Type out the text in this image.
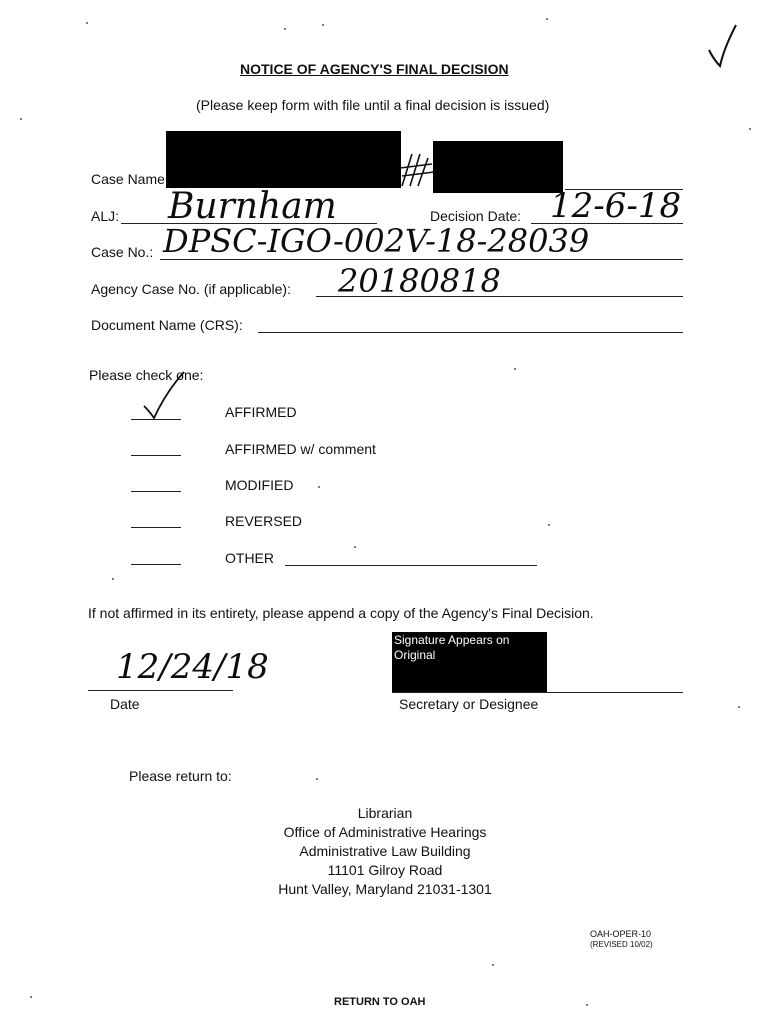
NOTICE OF AGENCY'S FINAL DECISION
(Please keep form with file until a final decision is issued)
Case Name
ALJ: Burnham	Decision Date: 12-6-18
Case No.: DPSC-IGO-002V-18-28039
Agency Case No. (if applicable): 20180818
Document Name (CRS):
Please check one:
AFFIRMED
AFFIRMED w/ comment
MODIFIED
REVERSED
OTHER
If not affirmed in its entirety, please append a copy of the Agency's Final Decision.
12/24/18
Date
Signature Appears on Original
Secretary or Designee
Please return to:
Librarian
Office of Administrative Hearings
Administrative Law Building
11101 Gilroy Road
Hunt Valley, Maryland 21031-1301
OAH-OPER-10
(REVISED 10/02)
RETURN TO OAH
